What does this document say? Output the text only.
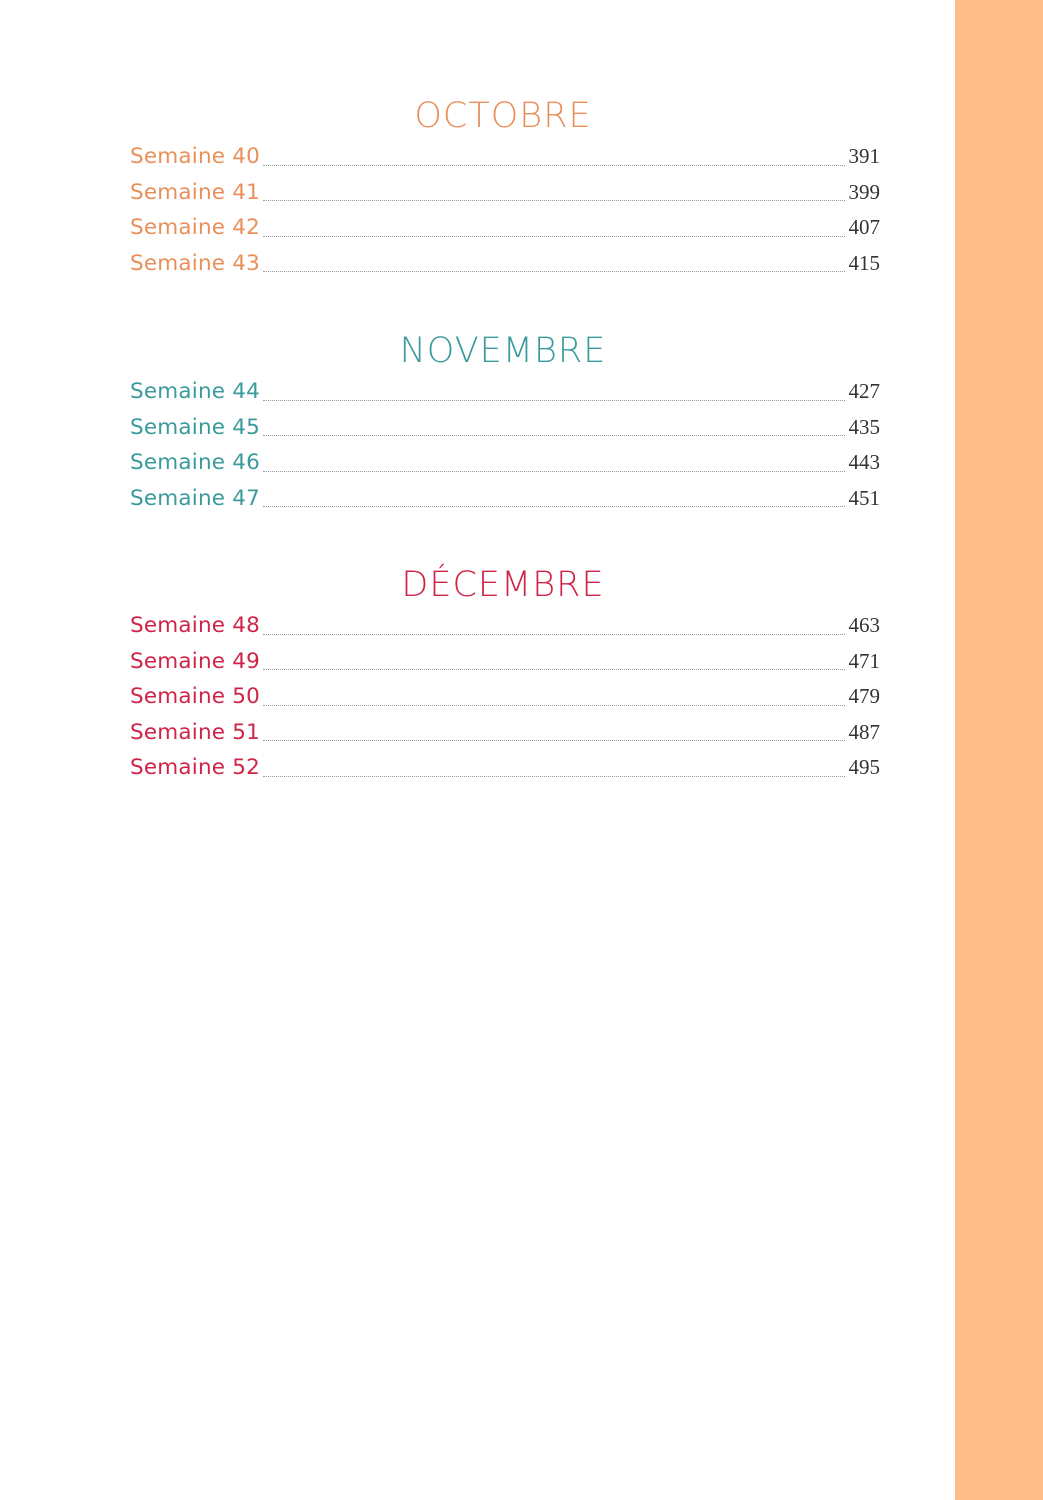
OCTOBRE
Semaine 40	391
Semaine 41	399
Semaine 42	407
Semaine 43	415
NOVEMBRE
Semaine 44	427
Semaine 45	435
Semaine 46	443
Semaine 47	451
DÉCEMBRE
Semaine 48	463
Semaine 49	471
Semaine 50	479
Semaine 51	487
Semaine 52	495
